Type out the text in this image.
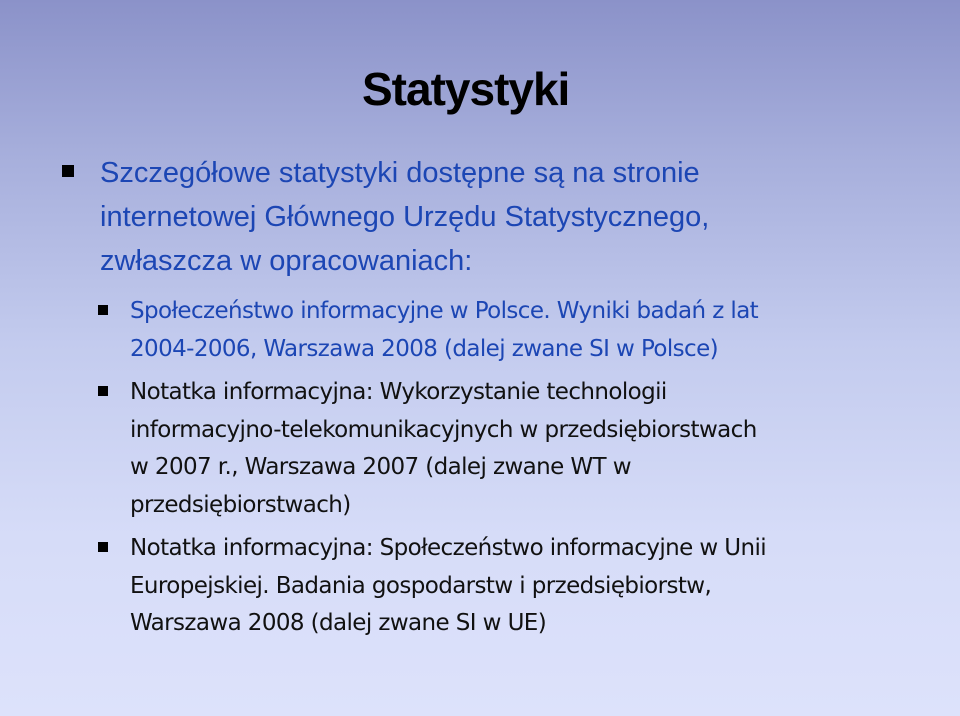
Statystyki
Szczegółowe statystyki dostępne są na stronie
internetowej Głównego Urzędu Statystycznego,
zwłaszcza w opracowaniach:
Społeczeństwo informacyjne w Polsce. Wyniki badań z lat
2004-2006, Warszawa 2008 (dalej zwane SI w Polsce)
Notatka informacyjna: Wykorzystanie technologii
informacyjno-telekomunikacyjnych w przedsiębiorstwach
w 2007 r., Warszawa 2007 (dalej zwane WT w
przedsiębiorstwach)
Notatka informacyjna: Społeczeństwo informacyjne w Unii
Europejskiej. Badania gospodarstw i przedsiębiorstw,
Warszawa 2008 (dalej zwane SI w UE)
